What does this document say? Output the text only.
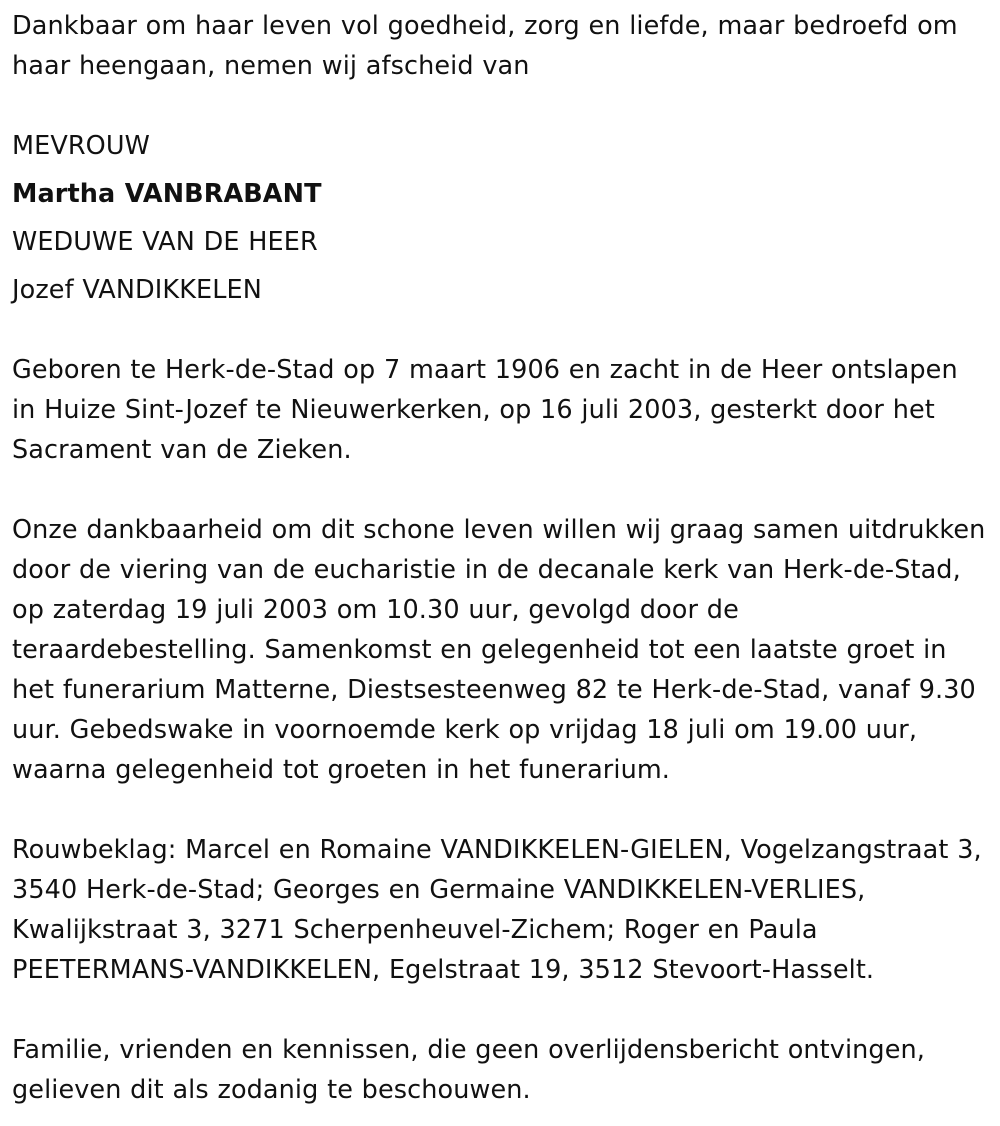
Dankbaar om haar leven vol goedheid, zorg en liefde, maar bedroefd om haar heengaan, nemen wij afscheid van

MEVROUW
Martha VANBRABANT
WEDUWE VAN DE HEER
Jozef VANDIKKELEN

Geboren te Herk-de-Stad op 7 maart 1906 en zacht in de Heer ontslapen in Huize Sint-Jozef te Nieuwerkerken, op 16 juli 2003, gesterkt door het Sacrament van de Zieken.

Onze dankbaarheid om dit schone leven willen wij graag samen uitdrukken door de viering van de eucharistie in de decanale kerk van Herk-de-Stad, op zaterdag 19 juli 2003 om 10.30 uur, gevolgd door de teraardebestelling. Samenkomst en gelegenheid tot een laatste groet in het funerarium Matterne, Diestsesteenweg 82 te Herk-de-Stad, vanaf 9.30 uur. Gebedswake in voornoemde kerk op vrijdag 18 juli om 19.00 uur, waarna gelegenheid tot groeten in het funerarium.

Rouwbeklag: Marcel en Romaine VANDIKKELEN-GIELEN, Vogelzangstraat 3, 3540 Herk-de-Stad; Georges en Germaine VANDIKKELEN-VERLIES, Kwalijkstraat 3, 3271 Scherpenheuvel-Zichem; Roger en Paula PEETERMANS-VANDIKKELEN, Egelstraat 19, 3512 Stevoort-Hasselt.

Familie, vrienden en kennissen, die geen overlijdensbericht ontvingen, gelieven dit als zodanig te beschouwen.
